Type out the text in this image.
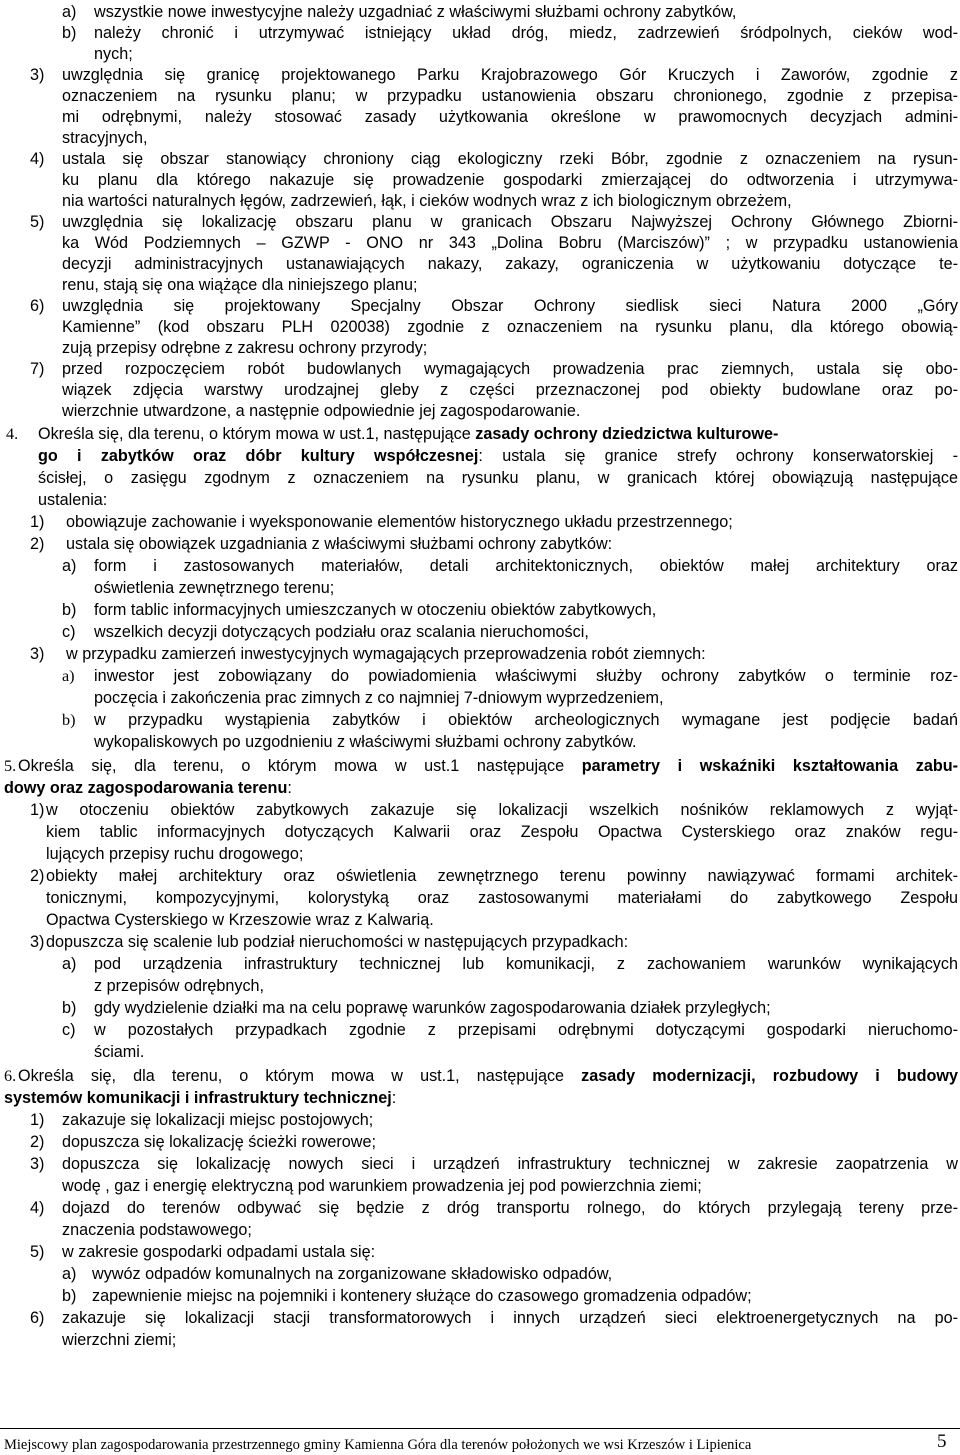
a) wszystkie nowe inwestycyjne należy uzgadniać z właściwymi służbami ochrony zabytków,
b) należy chronić i utrzymywać istniejący układ dróg, miedz, zadrzewień śródpolnych, cieków wod-
nych;
3) uwzględnia się granicę projektowanego Parku Krajobrazowego Gór Kruczych i Zaworów, zgodnie z
oznaczeniem na rysunku planu; w przypadku ustanowienia obszaru chronionego, zgodnie z przepisa-
mi odrębnymi, należy stosować zasady użytkowania określone w prawomocnych decyzjach admini-
stracyjnych,
4) ustala się obszar stanowiący chroniony ciąg ekologiczny rzeki Bóbr, zgodnie z oznaczeniem na rysun-
ku planu dla którego nakazuje się prowadzenie gospodarki zmierzającej do odtworzenia i utrzymywa-
nia wartości naturalnych łęgów, zadrzewień, łąk, i cieków wodnych wraz z ich biologicznym obrzeżem,
5) uwzględnia się lokalizację obszaru planu w granicach Obszaru Najwyższej Ochrony Głównego Zbiorni-
ka Wód Podziemnych – GZWP - ONO nr 343 „Dolina Bobru (Marciszów)” ; w przypadku ustanowienia
decyzji administracyjnych ustanawiających nakazy, zakazy, ograniczenia w użytkowaniu dotyczące te-
renu, stają się ona wiążące dla niniejszego planu;
6) uwzględnia się projektowany Specjalny Obszar Ochrony siedlisk sieci Natura 2000 „Góry
Kamienne” (kod obszaru PLH 020038) zgodnie z oznaczeniem na rysunku planu, dla którego obowią-
zują przepisy odrębne z zakresu ochrony przyrody;
7) przed rozpoczęciem robót budowlanych wymagających prowadzenia prac ziemnych, ustala się obo-
wiązek zdjęcia warstwy urodzajnej gleby z części przeznaczonej pod obiekty budowlane oraz po-
wierzchnie utwardzone, a następnie odpowiednie jej zagospodarowanie.
4. Określa się, dla terenu, o którym mowa w ust.1, następujące zasady ochrony dziedzictwa kulturowe-
go i zabytków oraz dóbr kultury współczesnej: ustala się granice strefy ochrony konserwatorskiej -
ścisłej, o zasięgu zgodnym z oznaczeniem na rysunku planu, w granicach której obowiązują następujące
ustalenia:
1) obowiązuje zachowanie i wyeksponowanie elementów historycznego układu przestrzennego;
2) ustala się obowiązek uzgadniania z właściwymi służbami ochrony zabytków:
a) form i zastosowanych materiałów, detali architektonicznych, obiektów małej architektury oraz
oświetlenia zewnętrznego terenu;
b) form tablic informacyjnych umieszczanych w otoczeniu obiektów zabytkowych,
c) wszelkich decyzji dotyczących podziału oraz scalania nieruchomości,
3) w przypadku zamierzeń inwestycyjnych wymagających przeprowadzenia robót ziemnych:
a) inwestor jest zobowiązany do powiadomienia właściwymi służby ochrony zabytków o terminie roz-
poczęcia i zakończenia prac zimnych z co najmniej 7-dniowym wyprzedzeniem,
b) w przypadku wystąpienia zabytków i obiektów archeologicznych wymagane jest podjęcie badań
wykopaliskowych po uzgodnieniu z właściwymi służbami ochrony zabytków.
5. Określa się, dla terenu, o którym mowa w ust.1 następujące parametry i wskaźniki kształtowania zabu-
dowy oraz zagospodarowania terenu:
1) w otoczeniu obiektów zabytkowych zakazuje się lokalizacji wszelkich nośników reklamowych z wyjąt-
kiem tablic informacyjnych dotyczących Kalwarii oraz Zespołu Opactwa Cysterskiego oraz znaków regu-
lujących przepisy ruchu drogowego;
2) obiekty małej architektury oraz oświetlenia zewnętrznego terenu powinny nawiązywać formami architek-
tonicznymi, kompozycyjnymi, kolorystyką oraz zastosowanymi materiałami do zabytkowego Zespołu
Opactwa Cysterskiego w Krzeszowie wraz z Kalwarią.
3) dopuszcza się scalenie lub podział nieruchomości w następujących przypadkach:
a) pod urządzenia infrastruktury technicznej lub komunikacji, z zachowaniem warunków wynikających
z przepisów odrębnych,
b) gdy wydzielenie działki ma na celu poprawę warunków zagospodarowania działek przyległych;
c) w pozostałych przypadkach zgodnie z przepisami odrębnymi dotyczącymi gospodarki nieruchomo-
ściami.
6. Określa się, dla terenu, o którym mowa w ust.1, następujące zasady modernizacji, rozbudowy i budowy
systemów komunikacji i infrastruktury technicznej:
1) zakazuje się lokalizacji miejsc postojowych;
2) dopuszcza się lokalizację ścieżki rowerowe;
3) dopuszcza się lokalizację nowych sieci i urządzeń infrastruktury technicznej w zakresie zaopatrzenia w
wodę , gaz i energię elektryczną pod warunkiem prowadzenia jej pod powierzchnia ziemi;
4) dojazd do terenów odbywać się będzie z dróg transportu rolnego, do których przylegają tereny prze-
znaczenia podstawowego;
5) w zakresie gospodarki odpadami ustala się:
a) wywóz odpadów komunalnych na zorganizowane składowisko odpadów,
b) zapewnienie miejsc na pojemniki i kontenery służące do czasowego gromadzenia odpadów;
6) zakazuje się lokalizacji stacji transformatorowych i innych urządzeń sieci elektroenergetycznych na po-
wierzchni ziemi;
Miejscowy plan zagospodarowania przestrzennego gminy Kamienna Góra dla terenów położonych we wsi Krzeszów i Lipienica	5
